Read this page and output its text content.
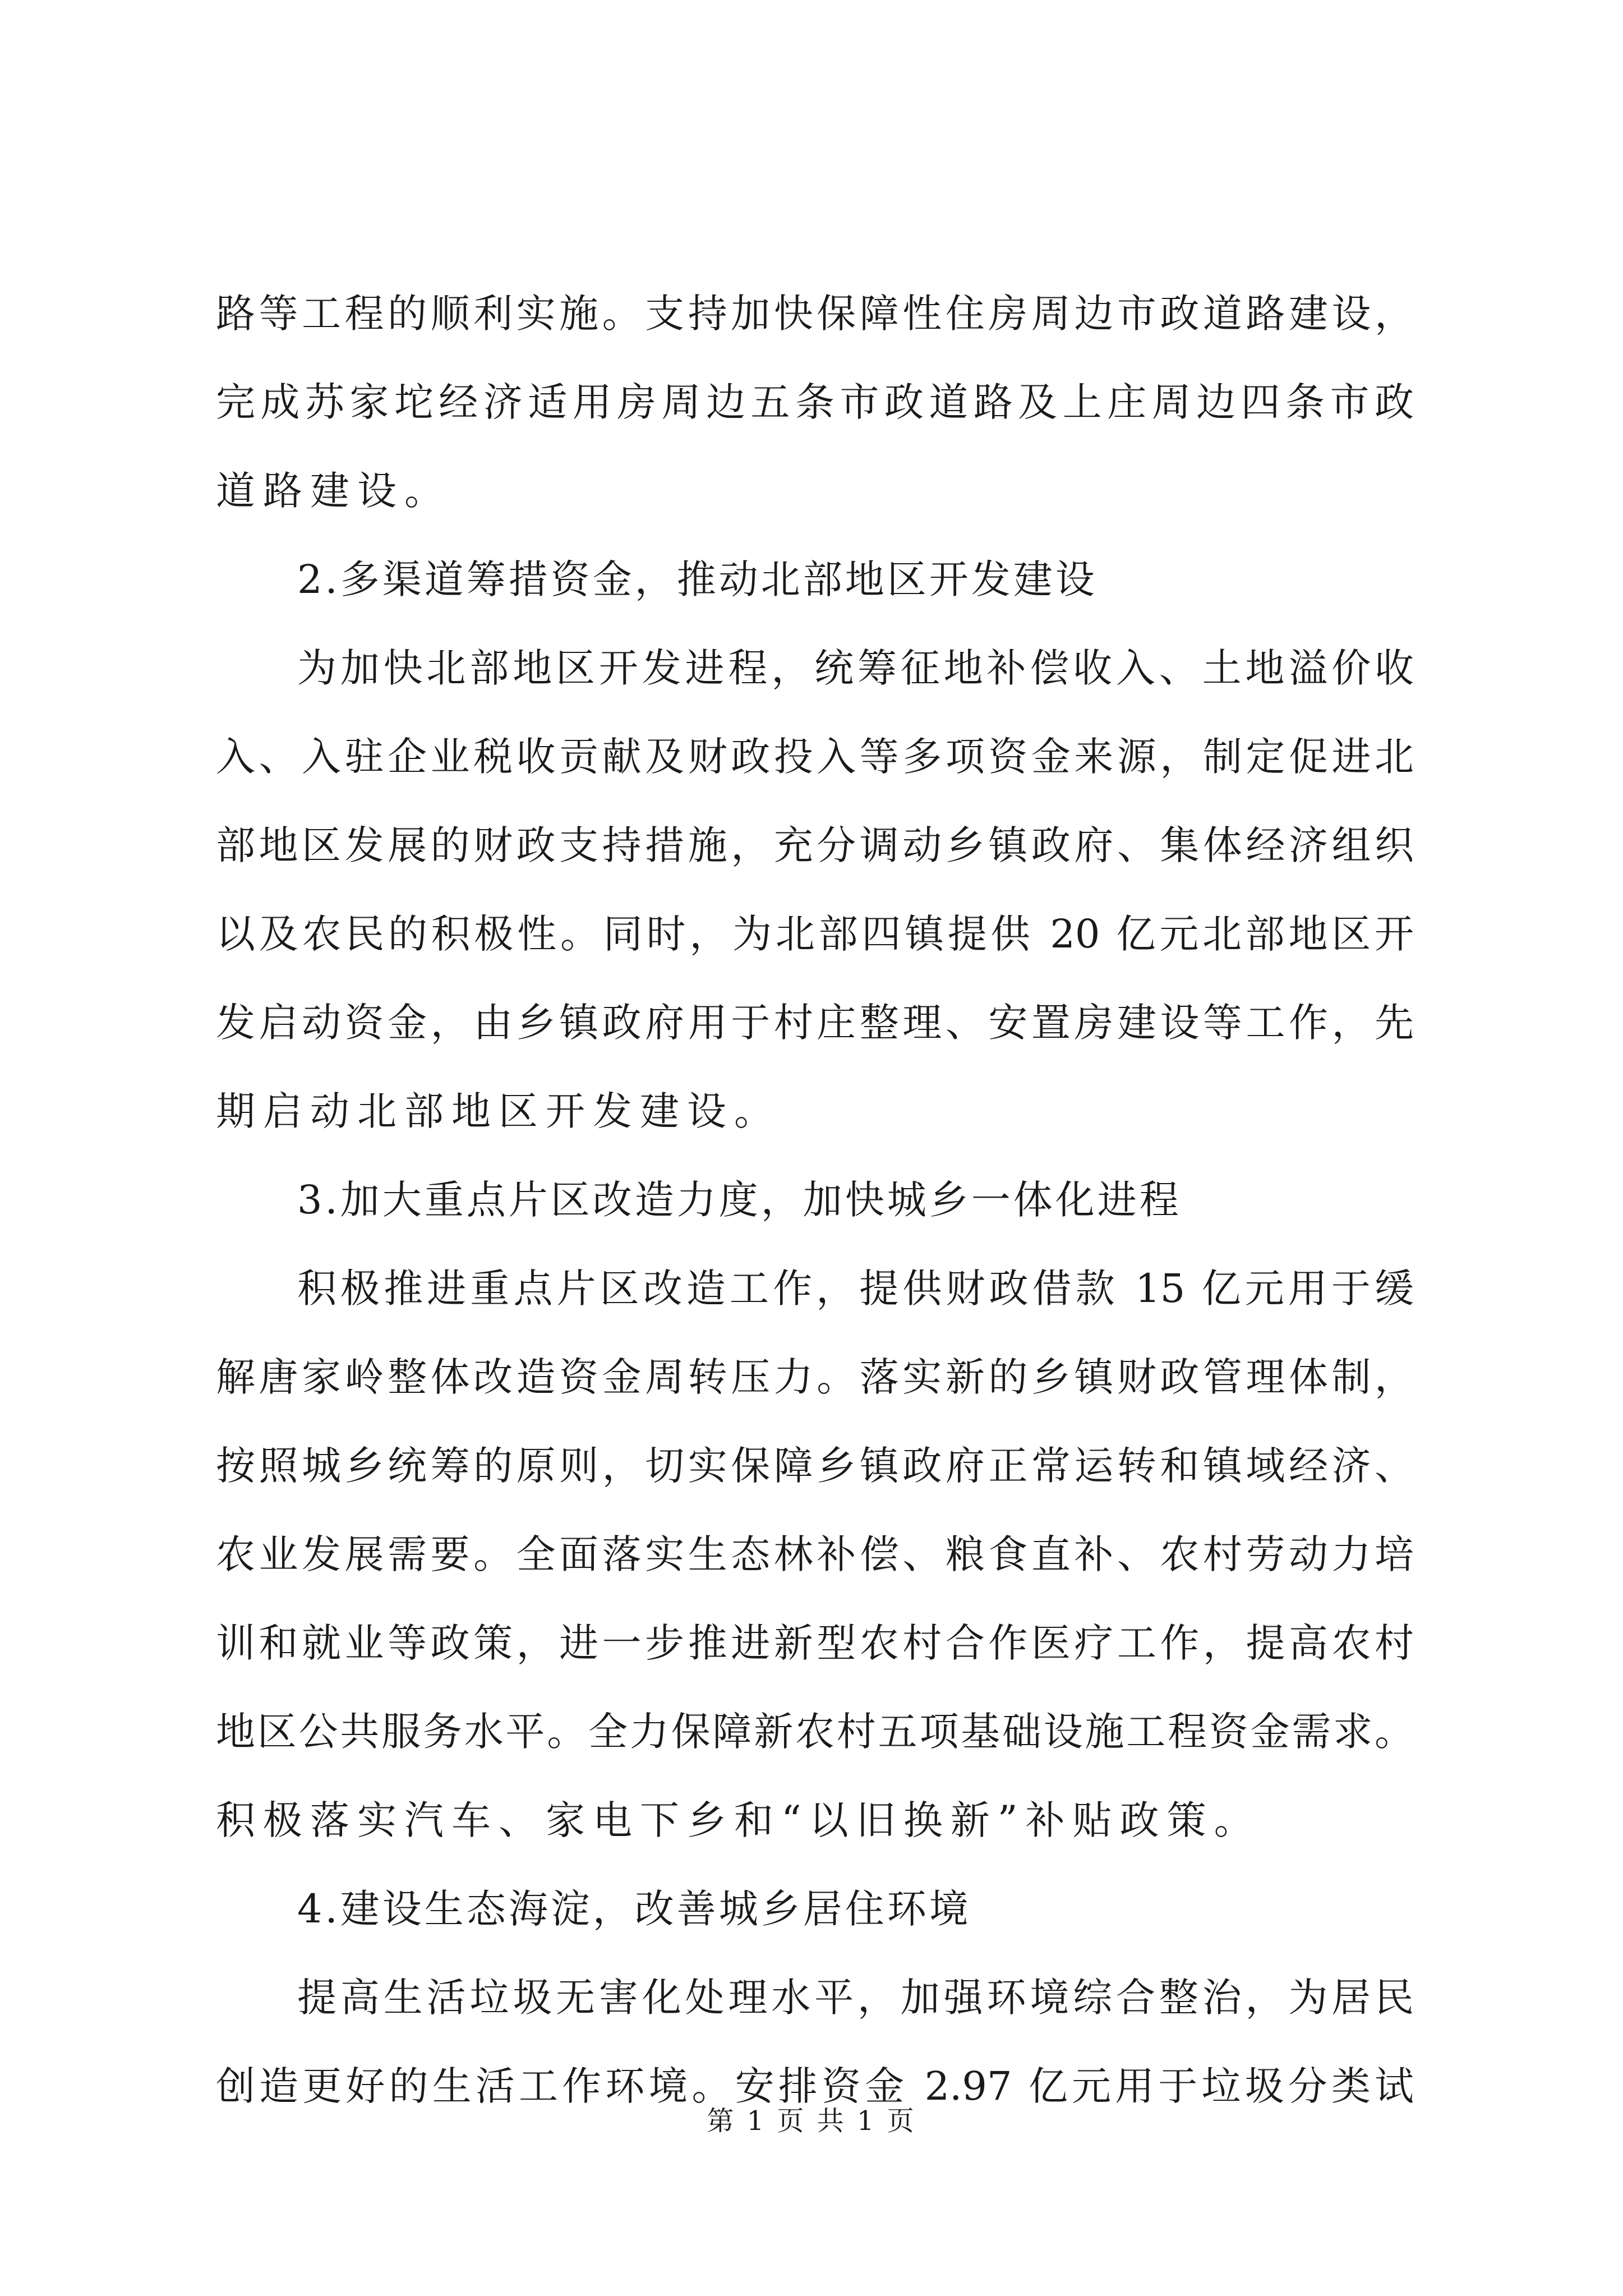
路等工程的顺利实施。支持加快保障性住房周边市政道路建设，
完成苏家坨经济适用房周边五条市政道路及上庄周边四条市政
道路建设。
2.多渠道筹措资金，推动北部地区开发建设
为加快北部地区开发进程，统筹征地补偿收入、土地溢价收
入、入驻企业税收贡献及财政投入等多项资金来源，制定促进北
部地区发展的财政支持措施，充分调动乡镇政府、集体经济组织
以及农民的积极性。同时，为北部四镇提供 20 亿元北部地区开
发启动资金，由乡镇政府用于村庄整理、安置房建设等工作，先
期启动北部地区开发建设。
3.加大重点片区改造力度，加快城乡一体化进程
积极推进重点片区改造工作，提供财政借款 15 亿元用于缓
解唐家岭整体改造资金周转压力。落实新的乡镇财政管理体制，
按照城乡统筹的原则，切实保障乡镇政府正常运转和镇域经济、
农业发展需要。全面落实生态林补偿、粮食直补、农村劳动力培
训和就业等政策，进一步推进新型农村合作医疗工作，提高农村
地区公共服务水平。全力保障新农村五项基础设施工程资金需求。
积极落实汽车、家电下乡和“以旧换新”补贴政策。
4.建设生态海淀，改善城乡居住环境
提高生活垃圾无害化处理水平，加强环境综合整治，为居民
创造更好的生活工作环境。安排资金 2.97 亿元用于垃圾分类试
第 1 页 共 1 页
